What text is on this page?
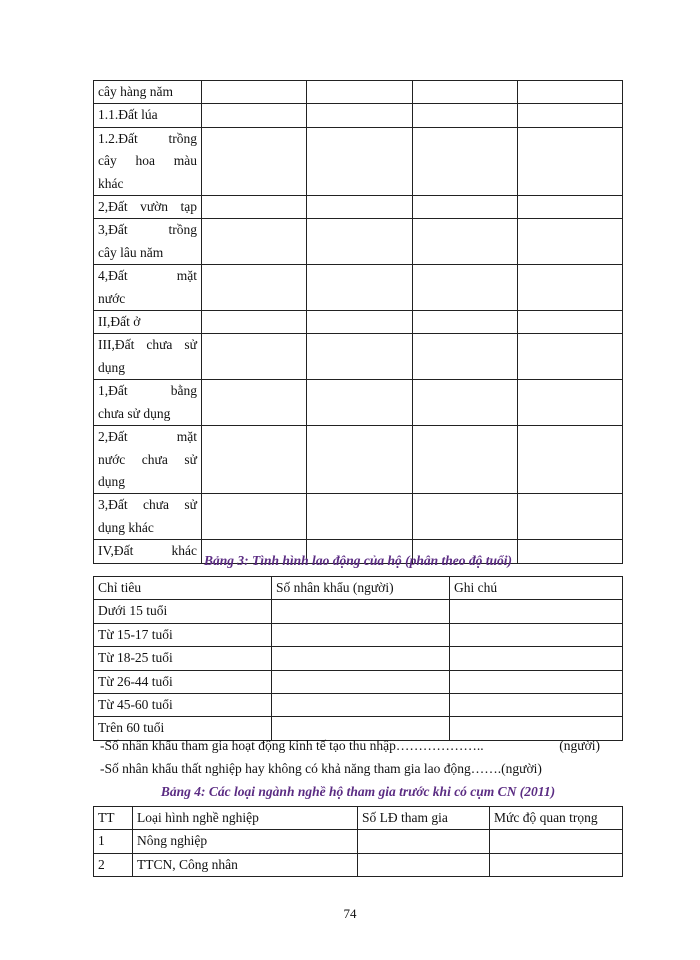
cây hàng năm				

1.1.Đất lúa				

1.2.Đất trồng
cây hoa màu
khác				

2,Đất vườn tạp				

3,Đất trồng
cây lâu năm				

4,Đất mặt
nước				

II,Đất ở				

III,Đất chưa sử
dụng				

1,Đất bằng
chưa sử dụng				

2,Đất mặt
nước chưa sử
dụng				

3,Đất chưa sử
dụng khác				

IV,Đất khác				

Bảng 3: Tình hình lao động của hộ (phân theo độ tuổi)
Chỉ tiêu	Số nhân khẩu (người)	Ghi chú
Dưới 15 tuổi		
Từ 15-17 tuổi		
Từ 18-25 tuổi		
Từ 26-44 tuổi		
Từ 45-60 tuổi		
Trên 60 tuổi		
-Số nhân khẩu tham gia hoạt động kinh tế tạo thu nhập………………..	(người)
-Số nhân khẩu thất nghiệp hay không có khả năng tham gia lao động…….(người)
Bảng 4: Các loại ngành nghề hộ tham gia trước khi có cụm CN (2011)
TT	Loại hình nghề nghiệp	Số LĐ tham gia	Mức độ quan trọng
1	Nông nghiệp		
2	TTCN, Công nhân		
74
